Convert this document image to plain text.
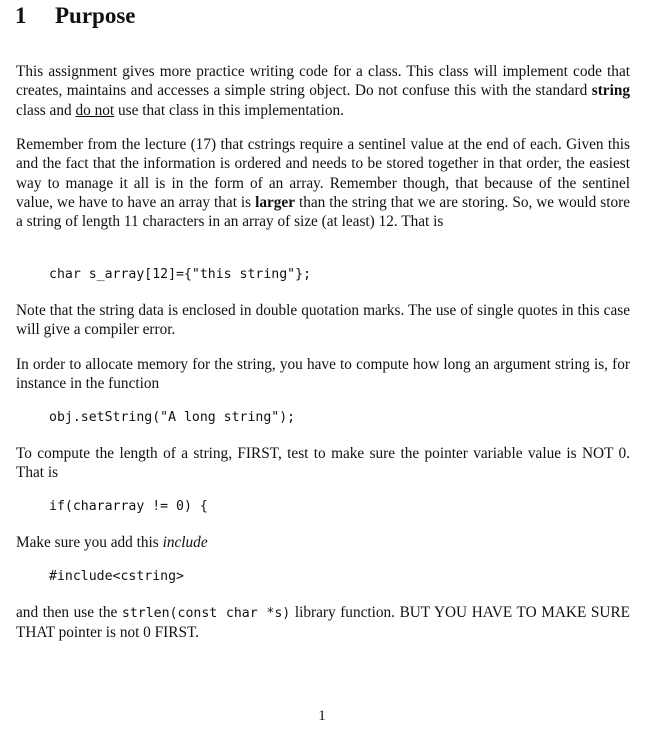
1 Purpose

This assignment gives more practice writing code for a class. This class will implement code that creates, maintains and accesses a simple string object. Do not confuse this with the standard string class and do not use that class in this implementation.

Remember from the lecture (17) that cstrings require a sentinel value at the end of each. Given this and the fact that the information is ordered and needs to be stored together in that order, the easiest way to manage it all is in the form of an array. Remember though, that because of the sentinel value, we have to have an array that is larger than the string that we are storing. So, we would store a string of length 11 characters in an array of size (at least) 12. That is

char s_array[12]={"this string"};

Note that the string data is enclosed in double quotation marks. The use of single quotes in this case will give a compiler error.

In order to allocate memory for the string, you have to compute how long an argument string is, for instance in the function

obj.setString("A long string");

To compute the length of a string, FIRST, test to make sure the pointer variable value is NOT 0. That is

if(chararray != 0) {

Make sure you add this include

#include<cstring>

and then use the strlen(const char *s) library function. BUT YOU HAVE TO MAKE SURE THAT pointer is not 0 FIRST.

1
